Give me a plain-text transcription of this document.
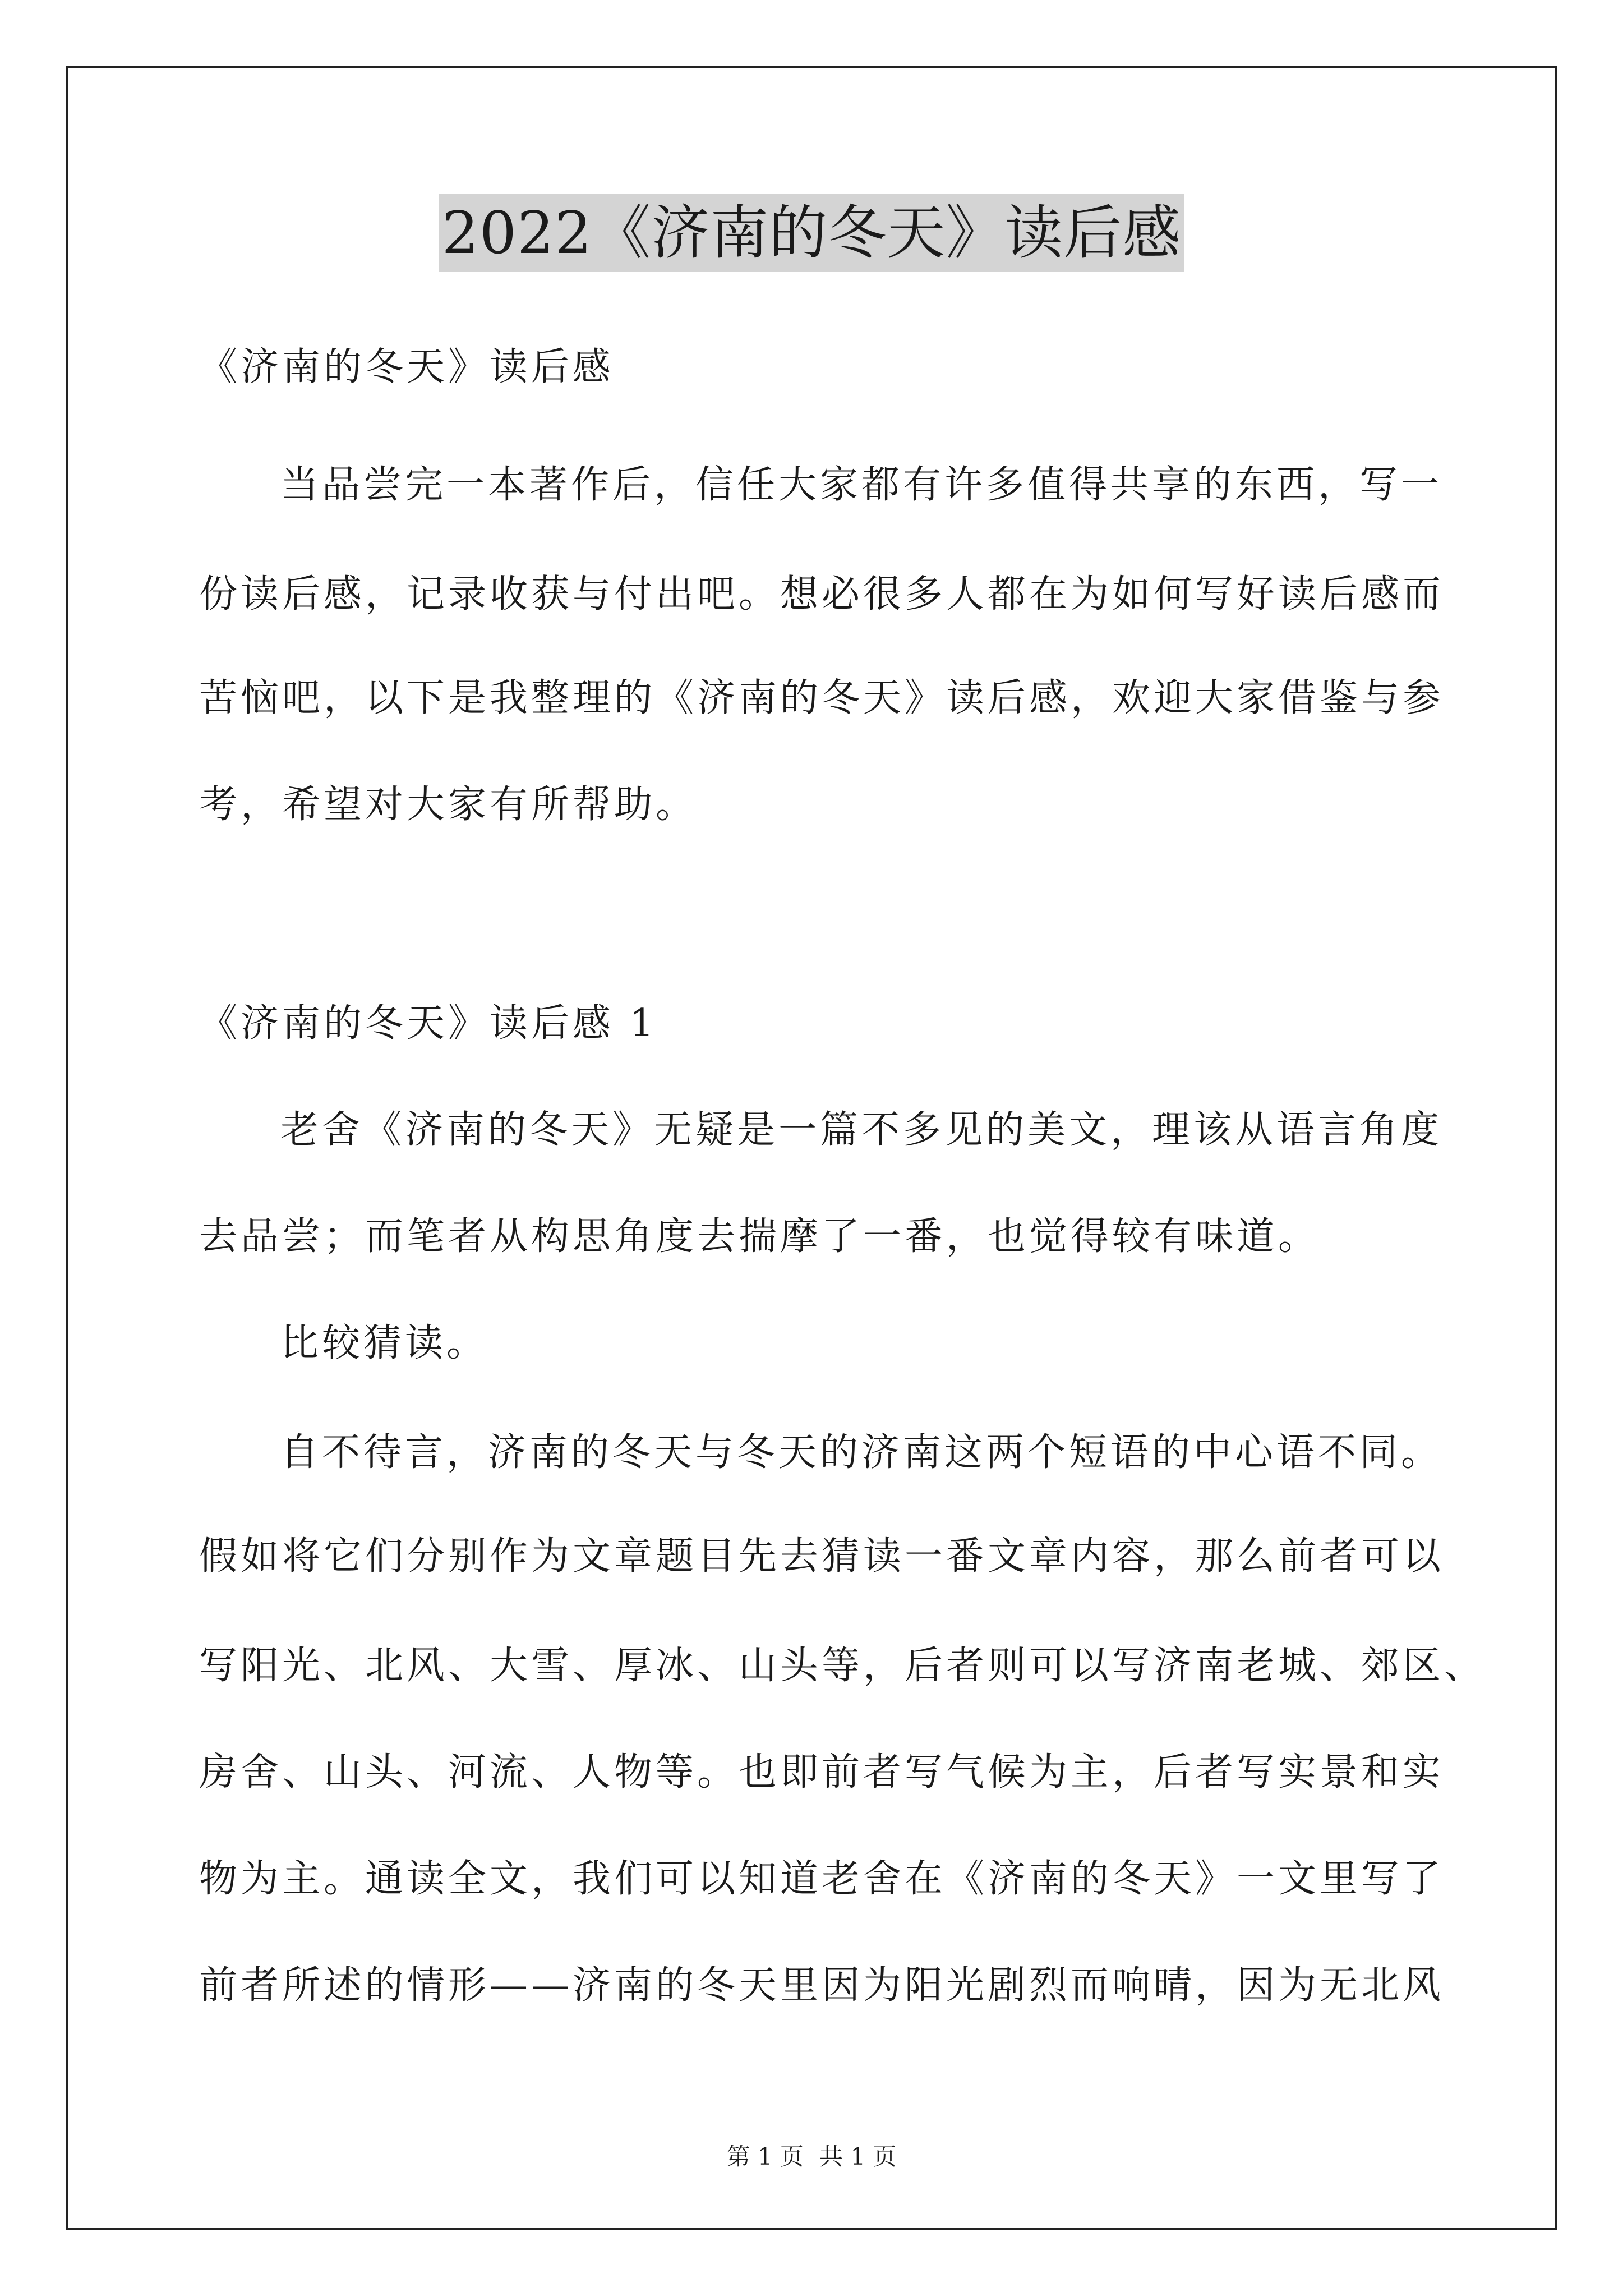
2022《济南的冬天》读后感
《济南的冬天》读后感
当品尝完一本著作后，信任大家都有许多值得共享的东西，写一
份读后感，记录收获与付出吧。想必很多人都在为如何写好读后感而
苦恼吧，以下是我整理的《济南的冬天》读后感，欢迎大家借鉴与参
考，希望对大家有所帮助。
《济南的冬天》读后感 1
老舍《济南的冬天》无疑是一篇不多见的美文，理该从语言角度
去品尝；而笔者从构思角度去揣摩了一番，也觉得较有味道。
比较猜读。
自不待言，济南的冬天与冬天的济南这两个短语的中心语不同。
假如将它们分别作为文章题目先去猜读一番文章内容，那么前者可以
写阳光、北风、大雪、厚冰、山头等，后者则可以写济南老城、郊区、
房舍、山头、河流、人物等。也即前者写气候为主，后者写实景和实
物为主。通读全文，我们可以知道老舍在《济南的冬天》一文里写了
前者所述的情形——济南的冬天里因为阳光剧烈而响晴，因为无北风
第 1 页 共 1 页
